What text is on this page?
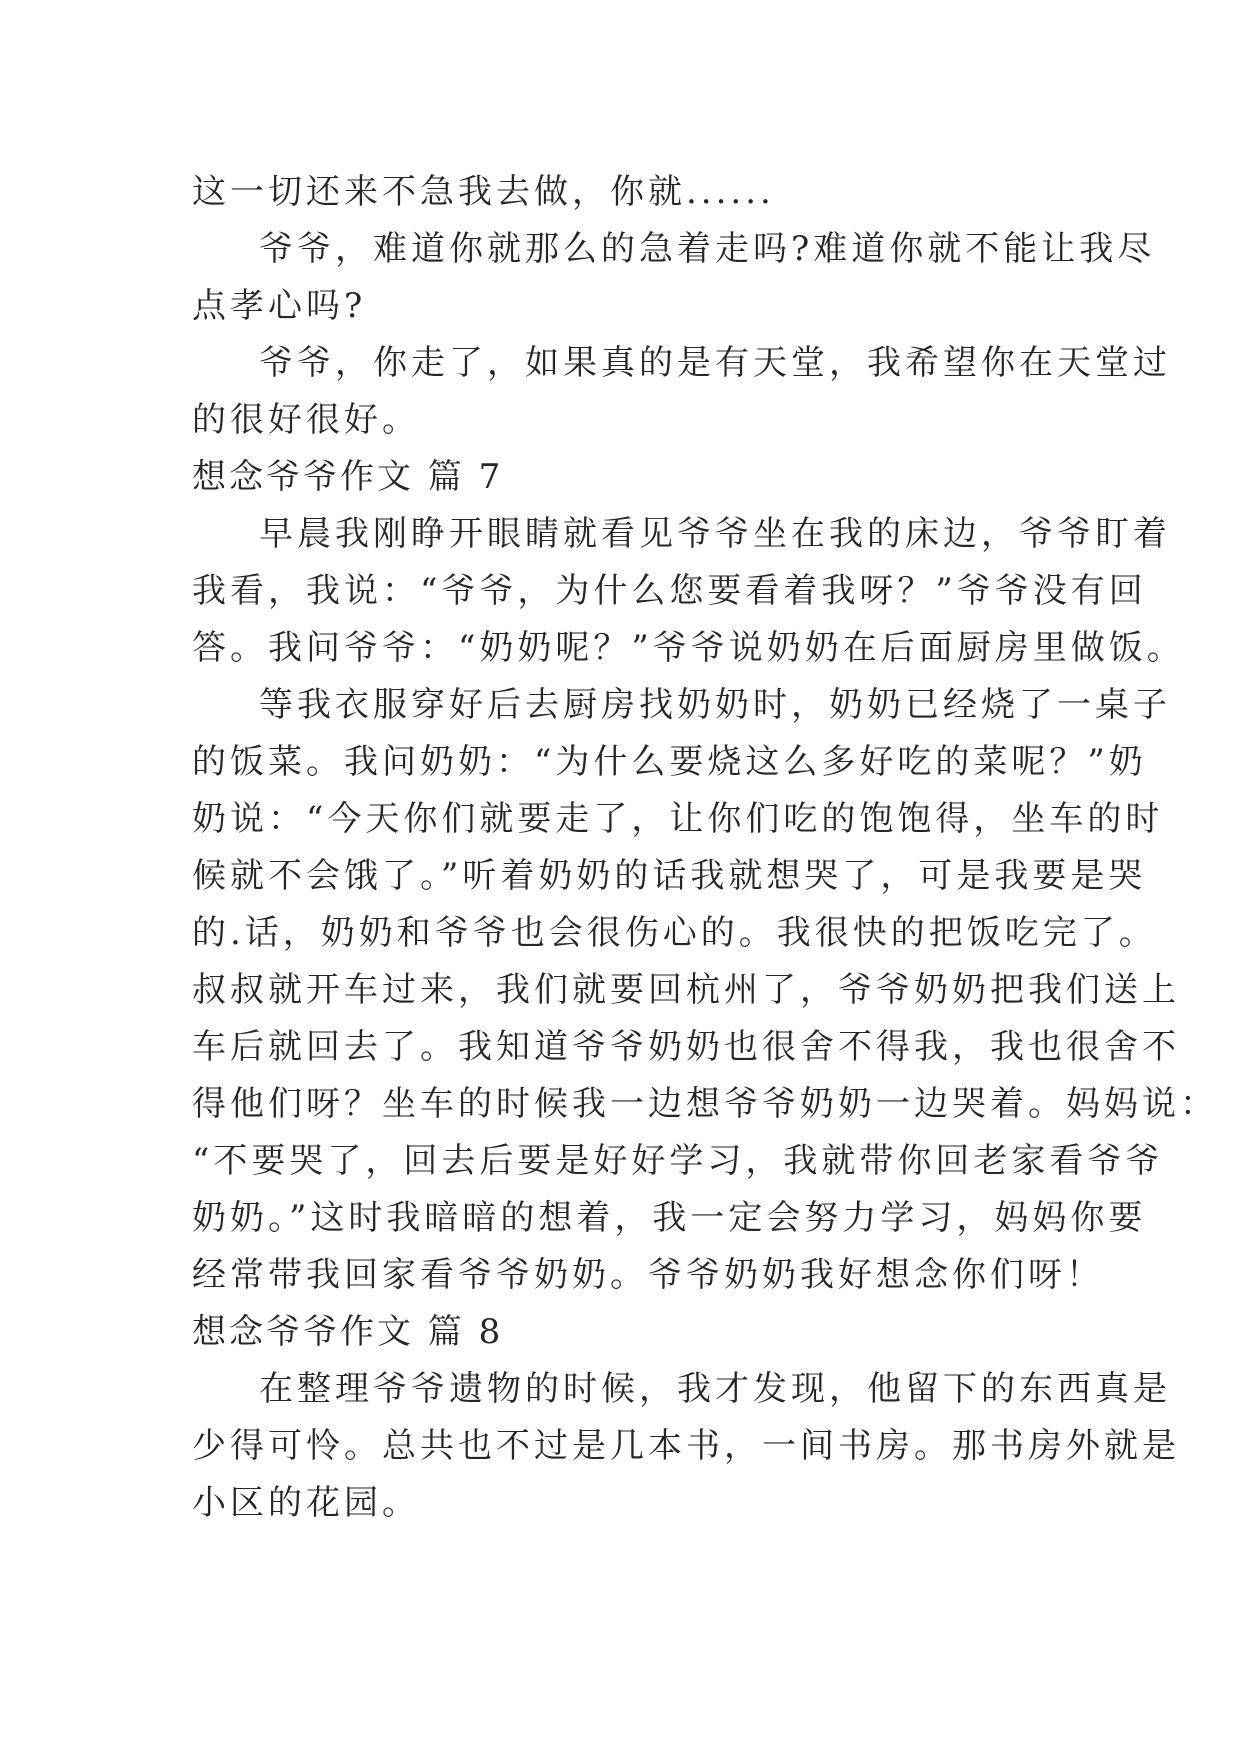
这一切还来不急我去做，你就......
爷爷，难道你就那么的急着走吗?难道你就不能让我尽
点孝心吗?
爷爷，你走了，如果真的是有天堂，我希望你在天堂过
的很好很好。
想念爷爷作文 篇 7
早晨我刚睁开眼睛就看见爷爷坐在我的床边，爷爷盯着
我看，我说：“爷爷，为什么您要看着我呀？”爷爷没有回
答。我问爷爷：“奶奶呢？”爷爷说奶奶在后面厨房里做饭。
等我衣服穿好后去厨房找奶奶时，奶奶已经烧了一桌子
的饭菜。我问奶奶：“为什么要烧这么多好吃的菜呢？”奶
奶说：“今天你们就要走了，让你们吃的饱饱得，坐车的时
候就不会饿了。”听着奶奶的话我就想哭了，可是我要是哭
的.话，奶奶和爷爷也会很伤心的。我很快的把饭吃完了。
叔叔就开车过来，我们就要回杭州了，爷爷奶奶把我们送上
车后就回去了。我知道爷爷奶奶也很舍不得我，我也很舍不
得他们呀？坐车的时候我一边想爷爷奶奶一边哭着。妈妈说：
“不要哭了，回去后要是好好学习，我就带你回老家看爷爷
奶奶。”这时我暗暗的想着，我一定会努力学习，妈妈你要
经常带我回家看爷爷奶奶。爷爷奶奶我好想念你们呀！
想念爷爷作文 篇 8
在整理爷爷遗物的时候，我才发现，他留下的东西真是
少得可怜。总共也不过是几本书，一间书房。那书房外就是
小区的花园。
